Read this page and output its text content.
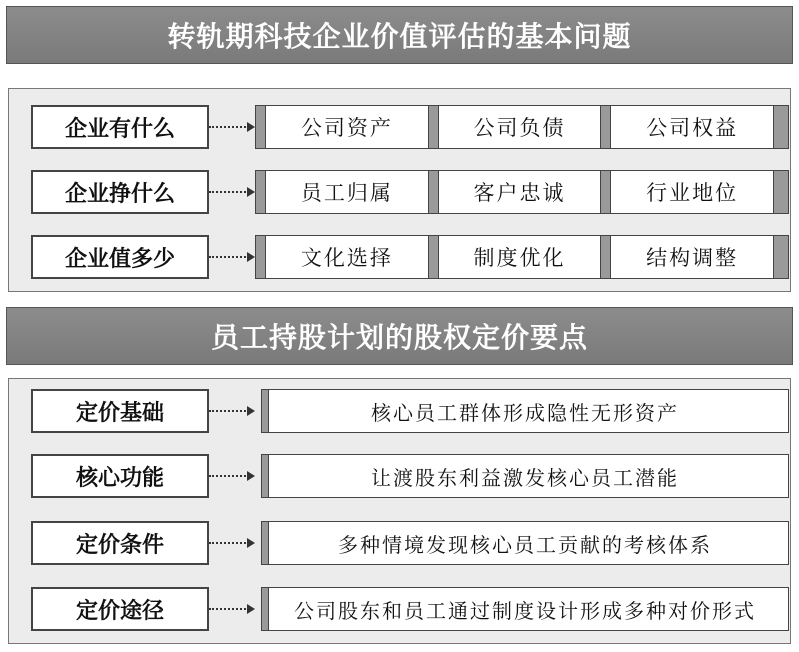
转轨期科技企业价值评估的基本问题
企业有什么	公司资产	公司负债	公司权益
企业挣什么	员工归属	客户忠诚	行业地位
企业值多少	文化选择	制度优化	结构调整
员工持股计划的股权定价要点
定价基础	核心员工群体形成隐性无形资产
核心功能	让渡股东利益激发核心员工潜能
定价条件	多种情境发现核心员工贡献的考核体系
定价途径	公司股东和员工通过制度设计形成多种对价形式
